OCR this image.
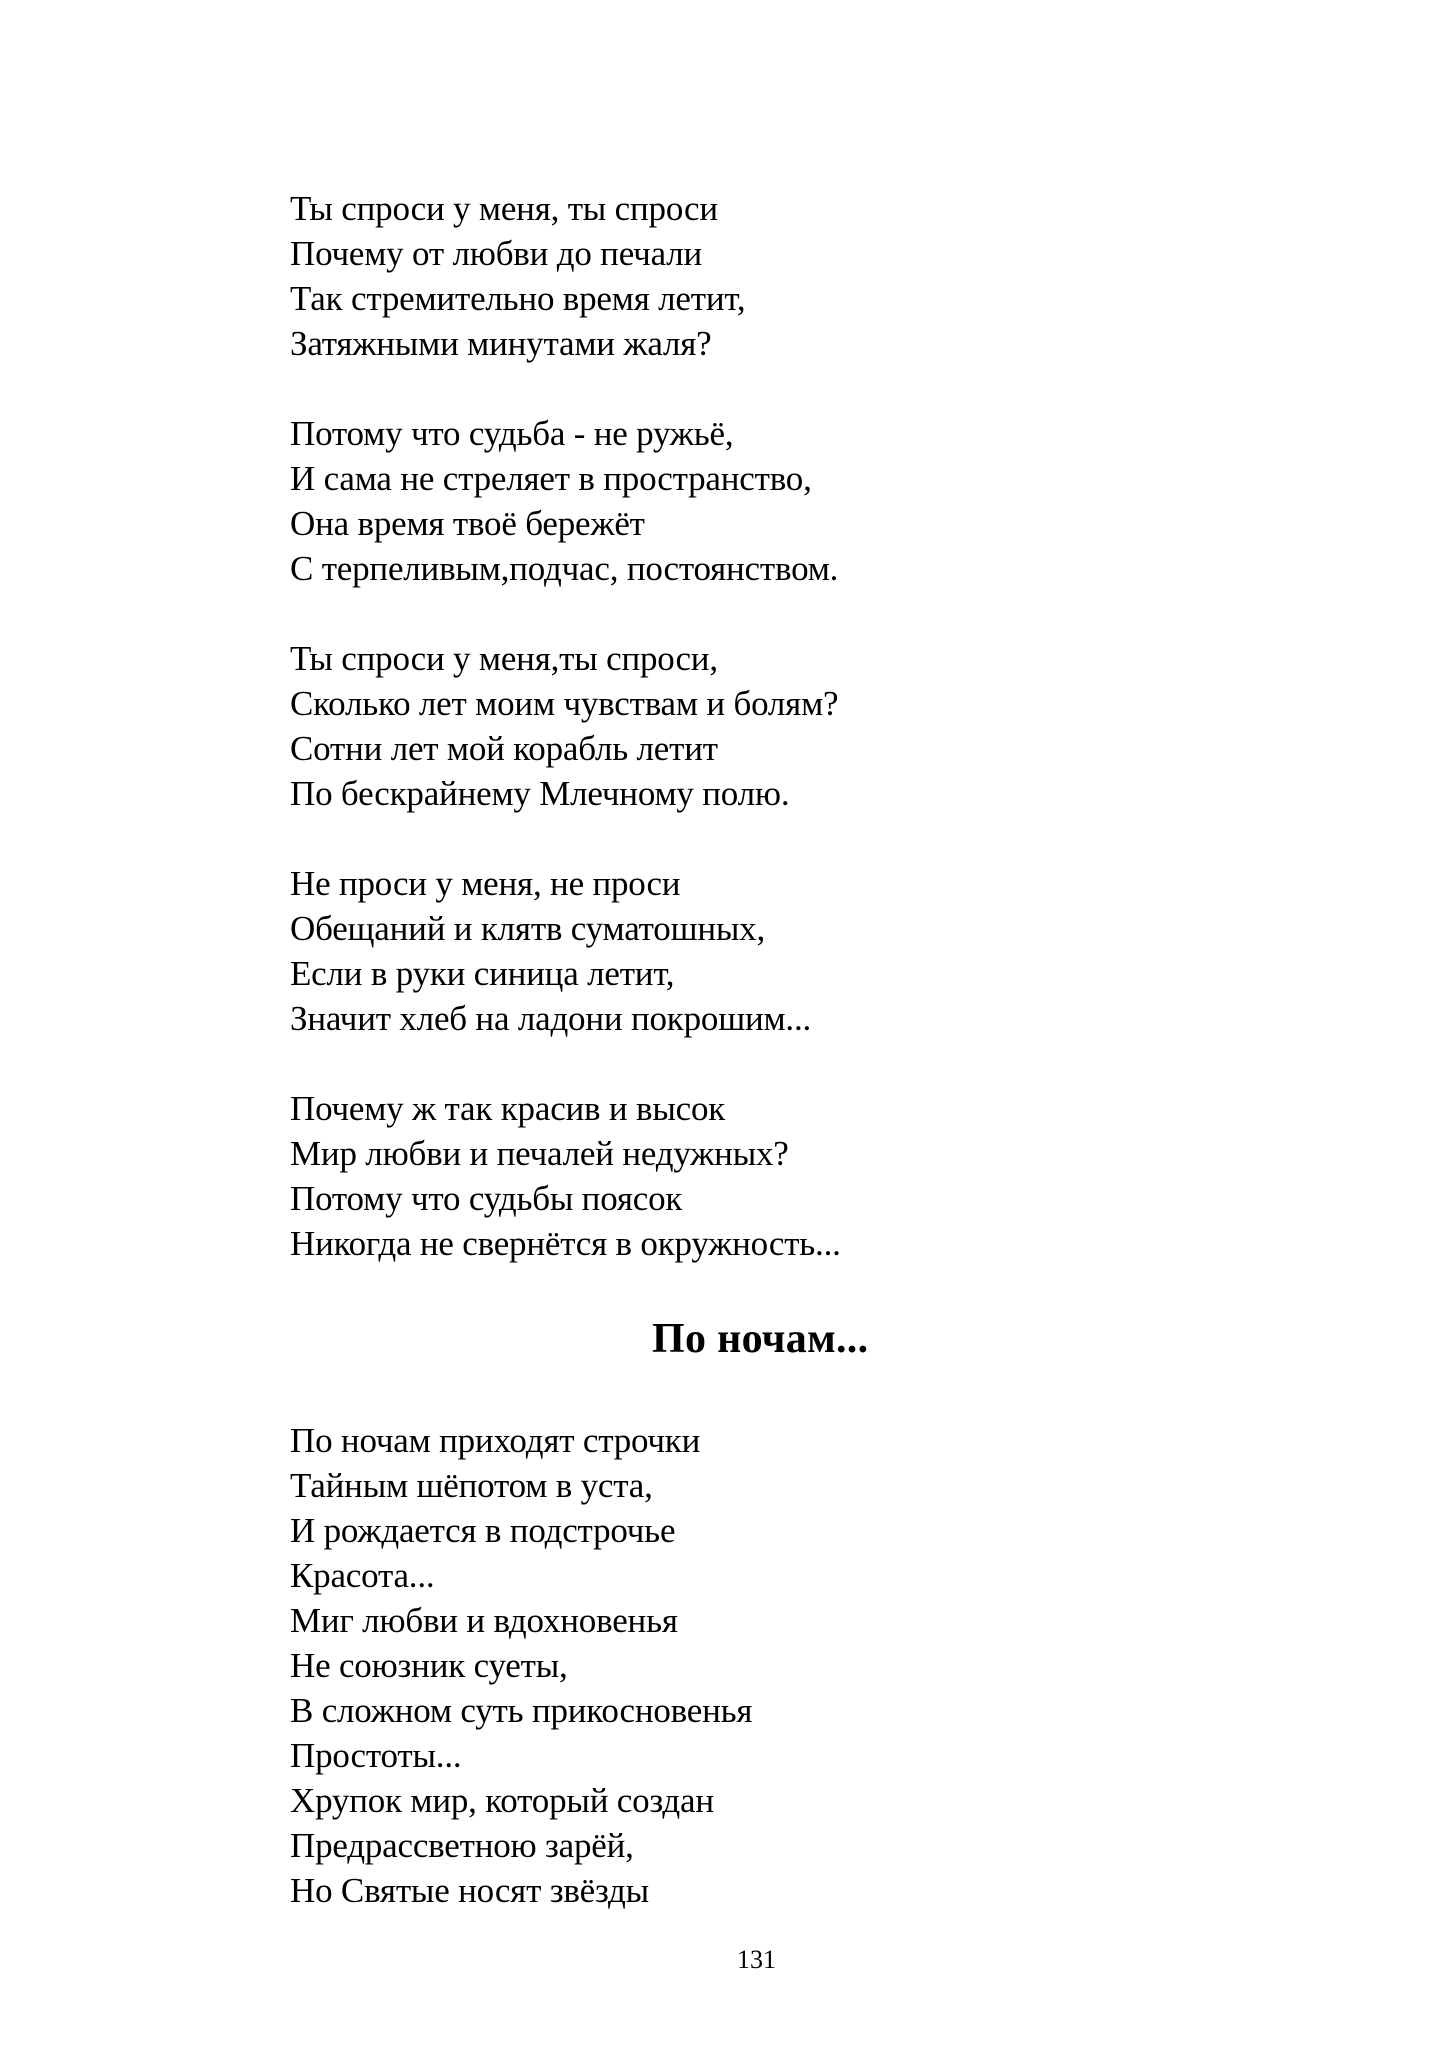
Ты спроси у меня, ты спроси
Почему от любви до печали
Так стремительно время летит,
Затяжными минутами жаля?
Потому что судьба - не ружьё,
И сама не стреляет в пространство,
Она время твоё бережёт
С терпеливым,подчас, постоянством.
Ты спроси у меня,ты спроси,
Сколько лет моим чувствам и болям?
Сотни лет мой корабль летит
По бескрайнему Млечному полю.
Не проси у меня, не проси
Обещаний и клятв суматошных,
Если в руки синица летит,
Значит хлеб на ладони покрошим...
Почему ж так красив и высок
Мир любви и печалей недужных?
Потому что судьбы поясок
Никогда не свернётся в окружность...
По ночам...
По ночам приходят строчки
Тайным шёпотом в уста,
И рождается в подстрочье
Красота...
Миг любви и вдохновенья
Не союзник суеты,
В сложном суть прикосновенья
Простоты...
Хрупок мир, который создан
Предрассветною зарёй,
Но Святые носят звёзды
131
